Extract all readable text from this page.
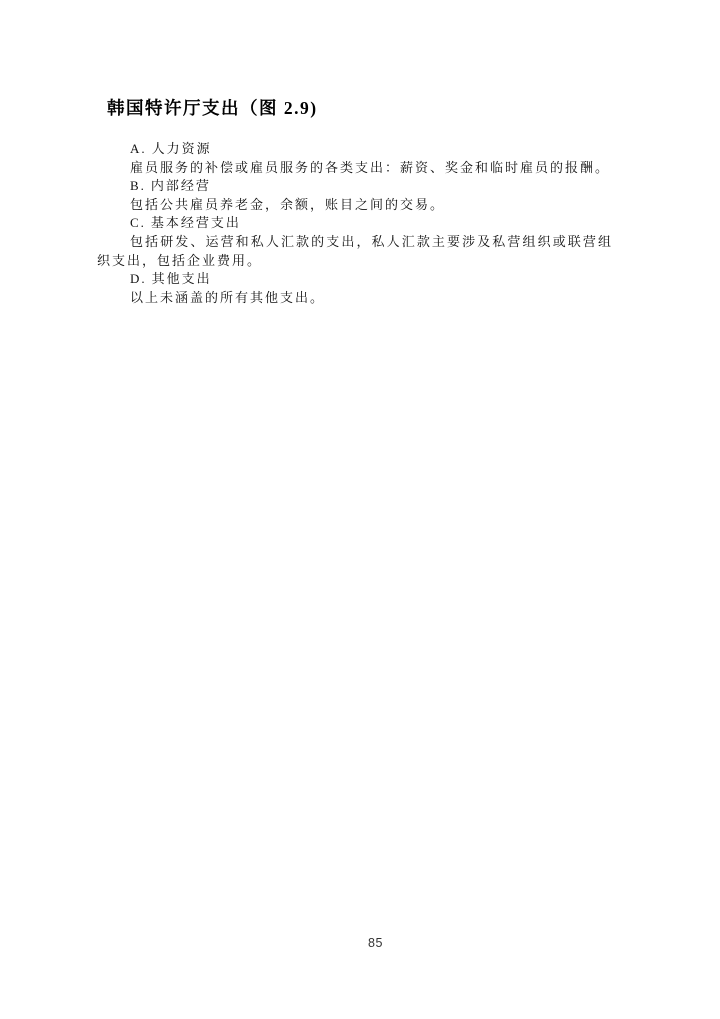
韩国特许厅支出（图 2.9)

A. 人力资源

雇员服务的补偿或雇员服务的各类支出：薪资、奖金和临时雇员的报酬。

B. 内部经营

包括公共雇员养老金，余额，账目之间的交易。

C. 基本经营支出

包括研发、运营和私人汇款的支出，私人汇款主要涉及私营组织或联营组织支出，包括企业费用。

D. 其他支出

以上未涵盖的所有其他支出。

85
